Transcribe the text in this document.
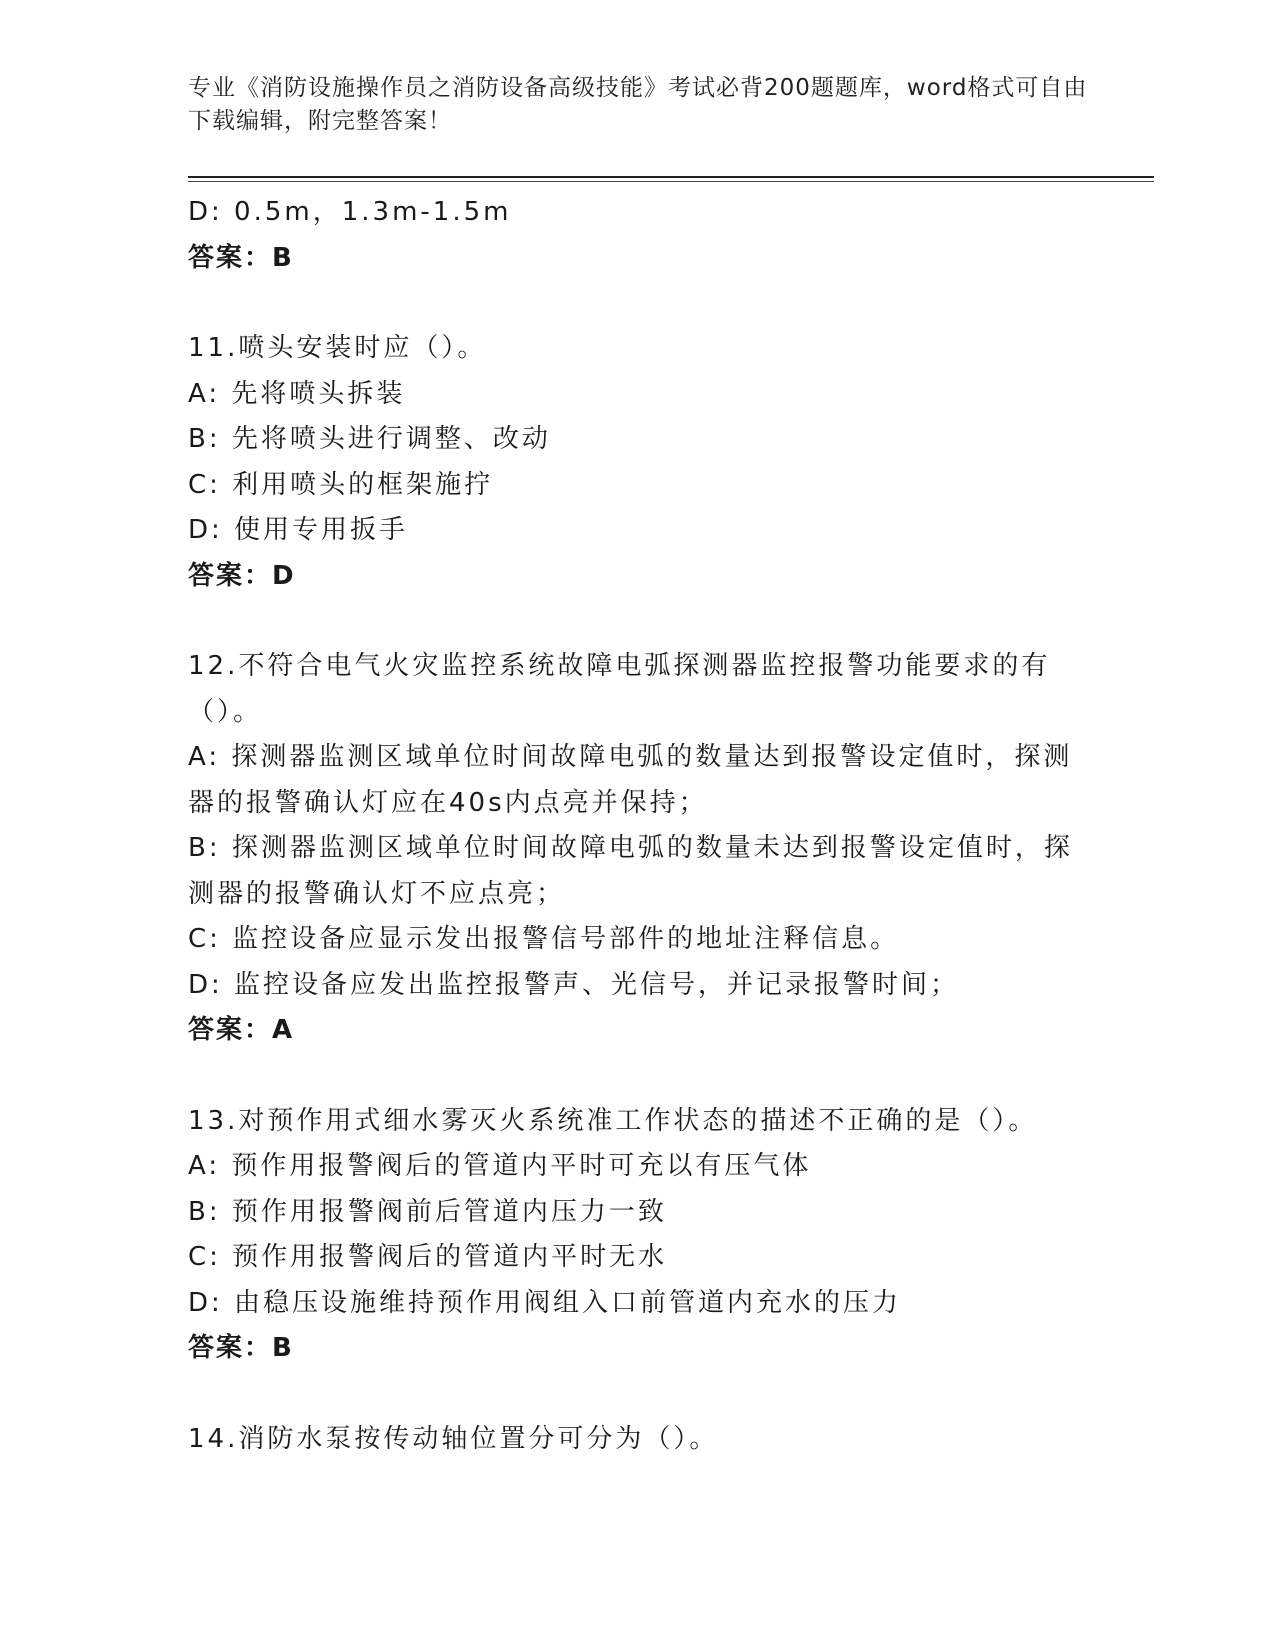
专业《消防设施操作员之消防设备高级技能》考试必背200题题库，word格式可自由下载编辑，附完整答案！
D: 0.5m，1.3m-1.5m
答案：B
11.喷头安装时应（）。
A: 先将喷头拆装
B: 先将喷头进行调整、改动
C: 利用喷头的框架施拧
D: 使用专用扳手
答案：D
12.不符合电气火灾监控系统故障电弧探测器监控报警功能要求的有（）。
A: 探测器监测区域单位时间故障电弧的数量达到报警设定值时，探测器的报警确认灯应在40s内点亮并保持；
B: 探测器监测区域单位时间故障电弧的数量未达到报警设定值时，探测器的报警确认灯不应点亮；
C: 监控设备应显示发出报警信号部件的地址注释信息。
D: 监控设备应发出监控报警声、光信号，并记录报警时间；
答案：A
13.对预作用式细水雾灭火系统准工作状态的描述不正确的是（）。
A: 预作用报警阀后的管道内平时可充以有压气体
B: 预作用报警阀前后管道内压力一致
C: 预作用报警阀后的管道内平时无水
D: 由稳压设施维持预作用阀组入口前管道内充水的压力
答案：B
14.消防水泵按传动轴位置分可分为（）。
